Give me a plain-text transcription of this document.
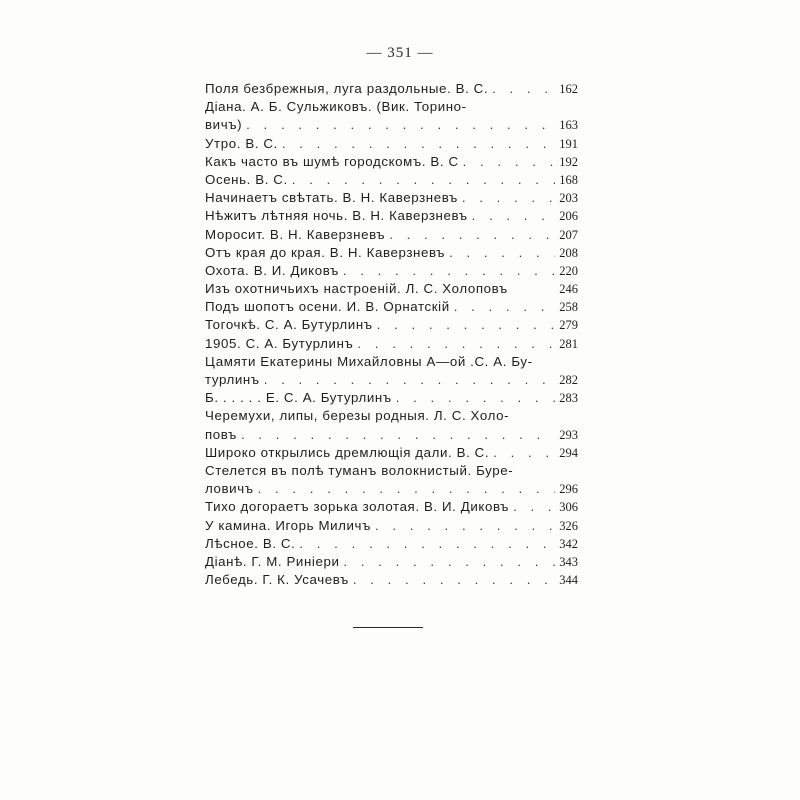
— 351 —
Поля безбрежныя, луга раздольные. В. С. . . .	162
Діана. А. Б. Сульжиковъ. (Вик. Торино-
вичъ) . . .	163
Утро. В. С. . . .	191
Какъ часто въ шумѣ городскомъ. В. С . . .	192
Осень. В. С. . . .	168
Начинаетъ свѣтать. В. Н. Каверзневъ . . .	203
Нѣжитъ лѣтняя ночь. В. Н. Каверзневъ . . .	206
Моросит. В. Н. Каверзневъ . . .	207
Отъ края до края. В. Н. Каверзневъ . . .	208
Охота. В. И. Диковъ . . .	220
Изъ охотничьихъ настроеній. Л. С. Холоповъ	246
Подъ шопотъ осени. И. В. Орнатскій . . .	258
Тогочкѣ. С. А. Бутурлинъ . . .	279
1905. С. А. Бутурлинъ . . .	281
Цамяти Екатерины Михайловны А—ой .С. А. Бу-
турлинъ . . .	282
Б. . . . . . Е. С. А. Бутурлинъ . . .	283
Черемухи, липы, березы родныя. Л. С. Холо-
повъ . . .	293
Широко открылись дремлющія дали. В. С. . . .	294
Стелется въ полѣ туманъ волокнистый. Буре-
ловичъ . . .	296
Тихо догораетъ зорька золотая. В. И. Диковъ . . .	306
У камина. Игорь Миличъ . . .	326
Лѣсное. В. С. . . .	342
Діанѣ. Г. М. Риніери . . .	343
Лебедь. Г. К. Усачевъ . . .	344
